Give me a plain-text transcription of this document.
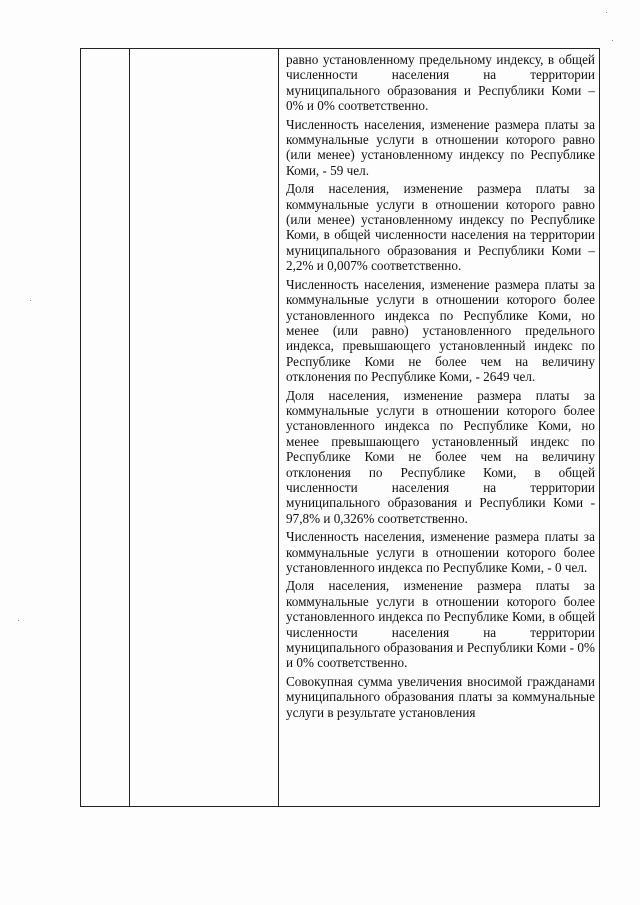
равно установленному предельному индексу, в общей численности населения на территории муниципального образования и Республики Коми – 0% и 0% соответственно.

Численность населения, изменение размера платы за коммунальные услуги в отношении которого равно (или менее) установленному индексу по Республике Коми, - 59 чел.

Доля населения, изменение размера платы за коммунальные услуги в отношении которого равно (или менее) установленному индексу по Республике Коми, в общей численности населения на территории муниципального образования и Республики Коми – 2,2% и 0,007% соответственно.

Численность населения, изменение размера платы за коммунальные услуги в отношении которого более установленного индекса по Республике Коми, но менее (или равно) установленного предельного индекса, превышающего установленный индекс по Республике Коми не более чем на величину отклонения по Республике Коми, - 2649 чел.

Доля населения, изменение размера платы за коммунальные услуги в отношении которого более установленного индекса по Республике Коми, но менее превышающего установленный индекс по Республике Коми не более чем на величину отклонения по Республике Коми, в общей численности населения на территории муниципального образования и Республики Коми - 97,8% и 0,326% соответственно.

Численность населения, изменение размера платы за коммунальные услуги в отношении которого более установленного индекса по Республике Коми, - 0 чел.

Доля населения, изменение размера платы за коммунальные услуги в отношении которого более установленного индекса по Республике Коми, в общей численности населения на территории муниципального образования и Республики Коми - 0% и 0% соответственно.

Совокупная сумма увеличения вносимой гражданами муниципального образования платы за коммунальные услуги в результате установления
